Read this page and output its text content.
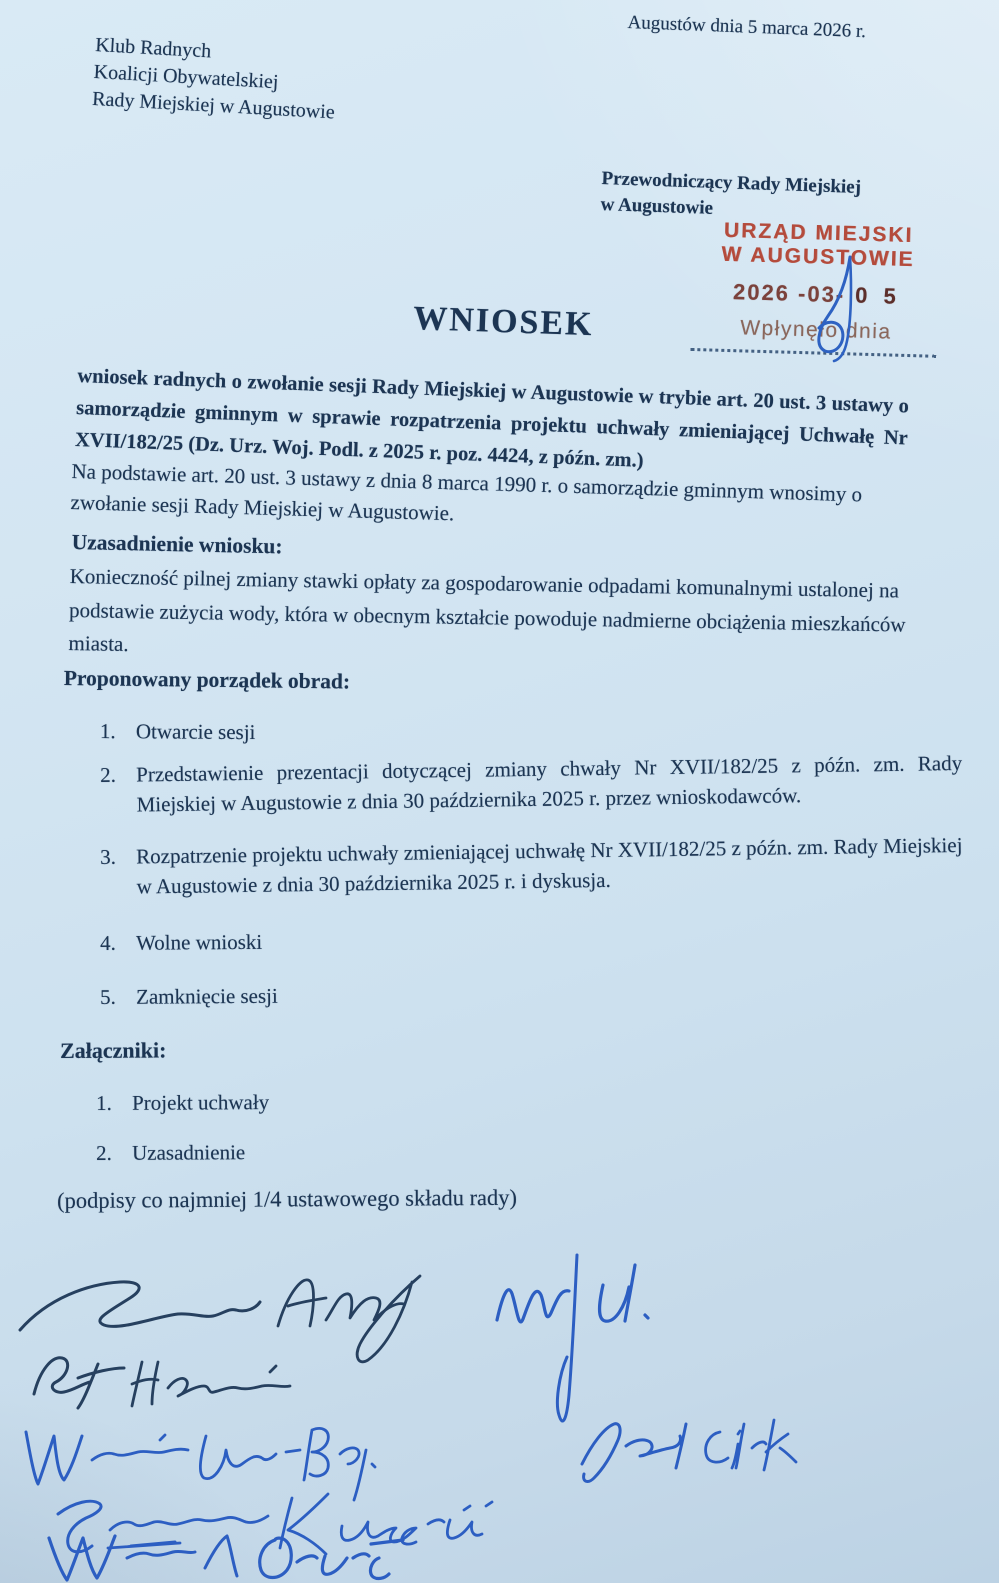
Augustów dnia 5 marca 2026 r.
Klub Radnych
Koalicji Obywatelskiej
Rady Miejskiej w Augustowie
Przewodniczący Rady Miejskiej
w Augustowie
URZĄD MIEJSKI
W AUGUSTOWIE
2026 -03- 0 5
Wpłynęło dnia
WNIOSEK
wniosek radnych o zwołanie sesji Rady Miejskiej w Augustowie w trybie art. 20 ust. 3 ustawy o samorządzie gminnym w sprawie rozpatrzenia projektu uchwały zmieniającej Uchwałę Nr XVII/182/25 (Dz. Urz. Woj. Podl. z 2025 r. poz. 4424, z późn. zm.)
Na podstawie art. 20 ust. 3 ustawy z dnia 8 marca 1990 r. o samorządzie gminnym wnosimy o zwołanie sesji Rady Miejskiej w Augustowie.
Uzasadnienie wniosku:
Konieczność pilnej zmiany stawki opłaty za gospodarowanie odpadami komunalnymi ustalonej na podstawie zużycia wody, która w obecnym kształcie powoduje nadmierne obciążenia mieszkańców miasta.
Proponowany porządek obrad:
1. Otwarcie sesji
2. Przedstawienie prezentacji dotyczącej zmiany chwały Nr XVII/182/25 z późn. zm. Rady Miejskiej w Augustowie z dnia 30 października 2025 r. przez wnioskodawców.
3. Rozpatrzenie projektu uchwały zmieniającej uchwałę Nr XVII/182/25 z późn. zm. Rady Miejskiej w Augustowie z dnia 30 października 2025 r. i dyskusja.
4. Wolne wnioski
5. Zamknięcie sesji
Załączniki:
1. Projekt uchwały
2. Uzasadnienie
(podpisy co najmniej 1/4 ustawowego składu rady)
